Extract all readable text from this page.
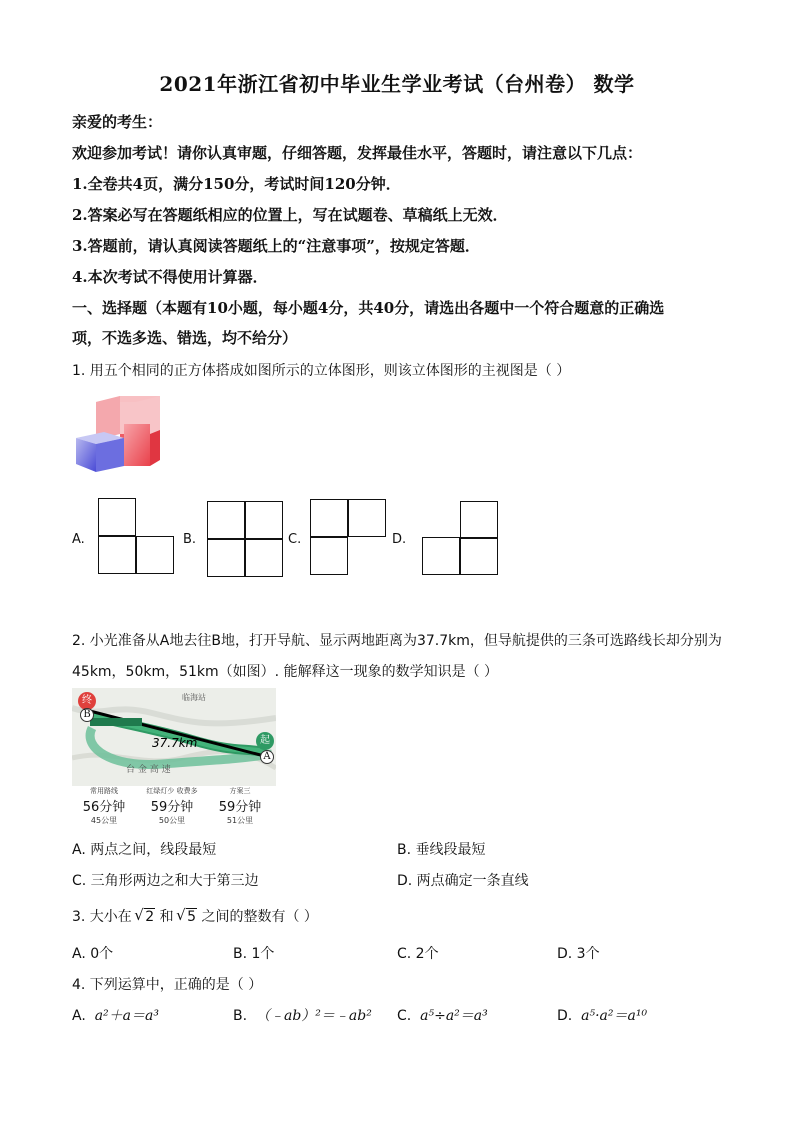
2021年浙江省初中毕业生学业考试（台州卷） 数学
亲爱的考生：
欢迎参加考试！请你认真审题，仔细答题，发挥最佳水平，答题时，请注意以下几点：
1.全卷共4页，满分150分，考试时间120分钟．
2.答案必写在答题纸相应的位置上，写在试题卷、草稿纸上无效．
3.答题前，请认真阅读答题纸上的“注意事项”，按规定答题．
4.本次考试不得使用计算器．
一、选择题（本题有10小题，每小题4分，共40分，请选出各题中一个符合题意的正确选
项，不选多选、错选，均不给分）
1. 用五个相同的正方体搭成如图所示的立体图形，则该立体图形的主视图是（ ）
A.	B.	C.	D.
2. 小光准备从A地去往B地，打开导航、显示两地距离为37.7km，但导航提供的三条可选路线长却分别为
45km，50km，51km（如图）. 能解释这一现象的数学知识是（ ）
终
B
起
A
37.7km
临海站
台 金 高 速
常用路线
56分钟
45公里
红绿灯少 收费多
59分钟
50公里
方案三
59分钟
51公里
A. 两点之间，线段最短	B. 垂线段最短
C. 三角形两边之和大于第三边	D. 两点确定一条直线
3. 大小在 √ 2 和 √ 5 之间的整数有（ ）
A. 0个	B. 1个	C. 2个	D. 3个
4. 下列运算中，正确的是（ ）
A. a²＋a＝a³	B. （﹣ab）²＝﹣ab² C. a⁵÷a²＝a³	D. a⁵·a²＝a¹⁰
